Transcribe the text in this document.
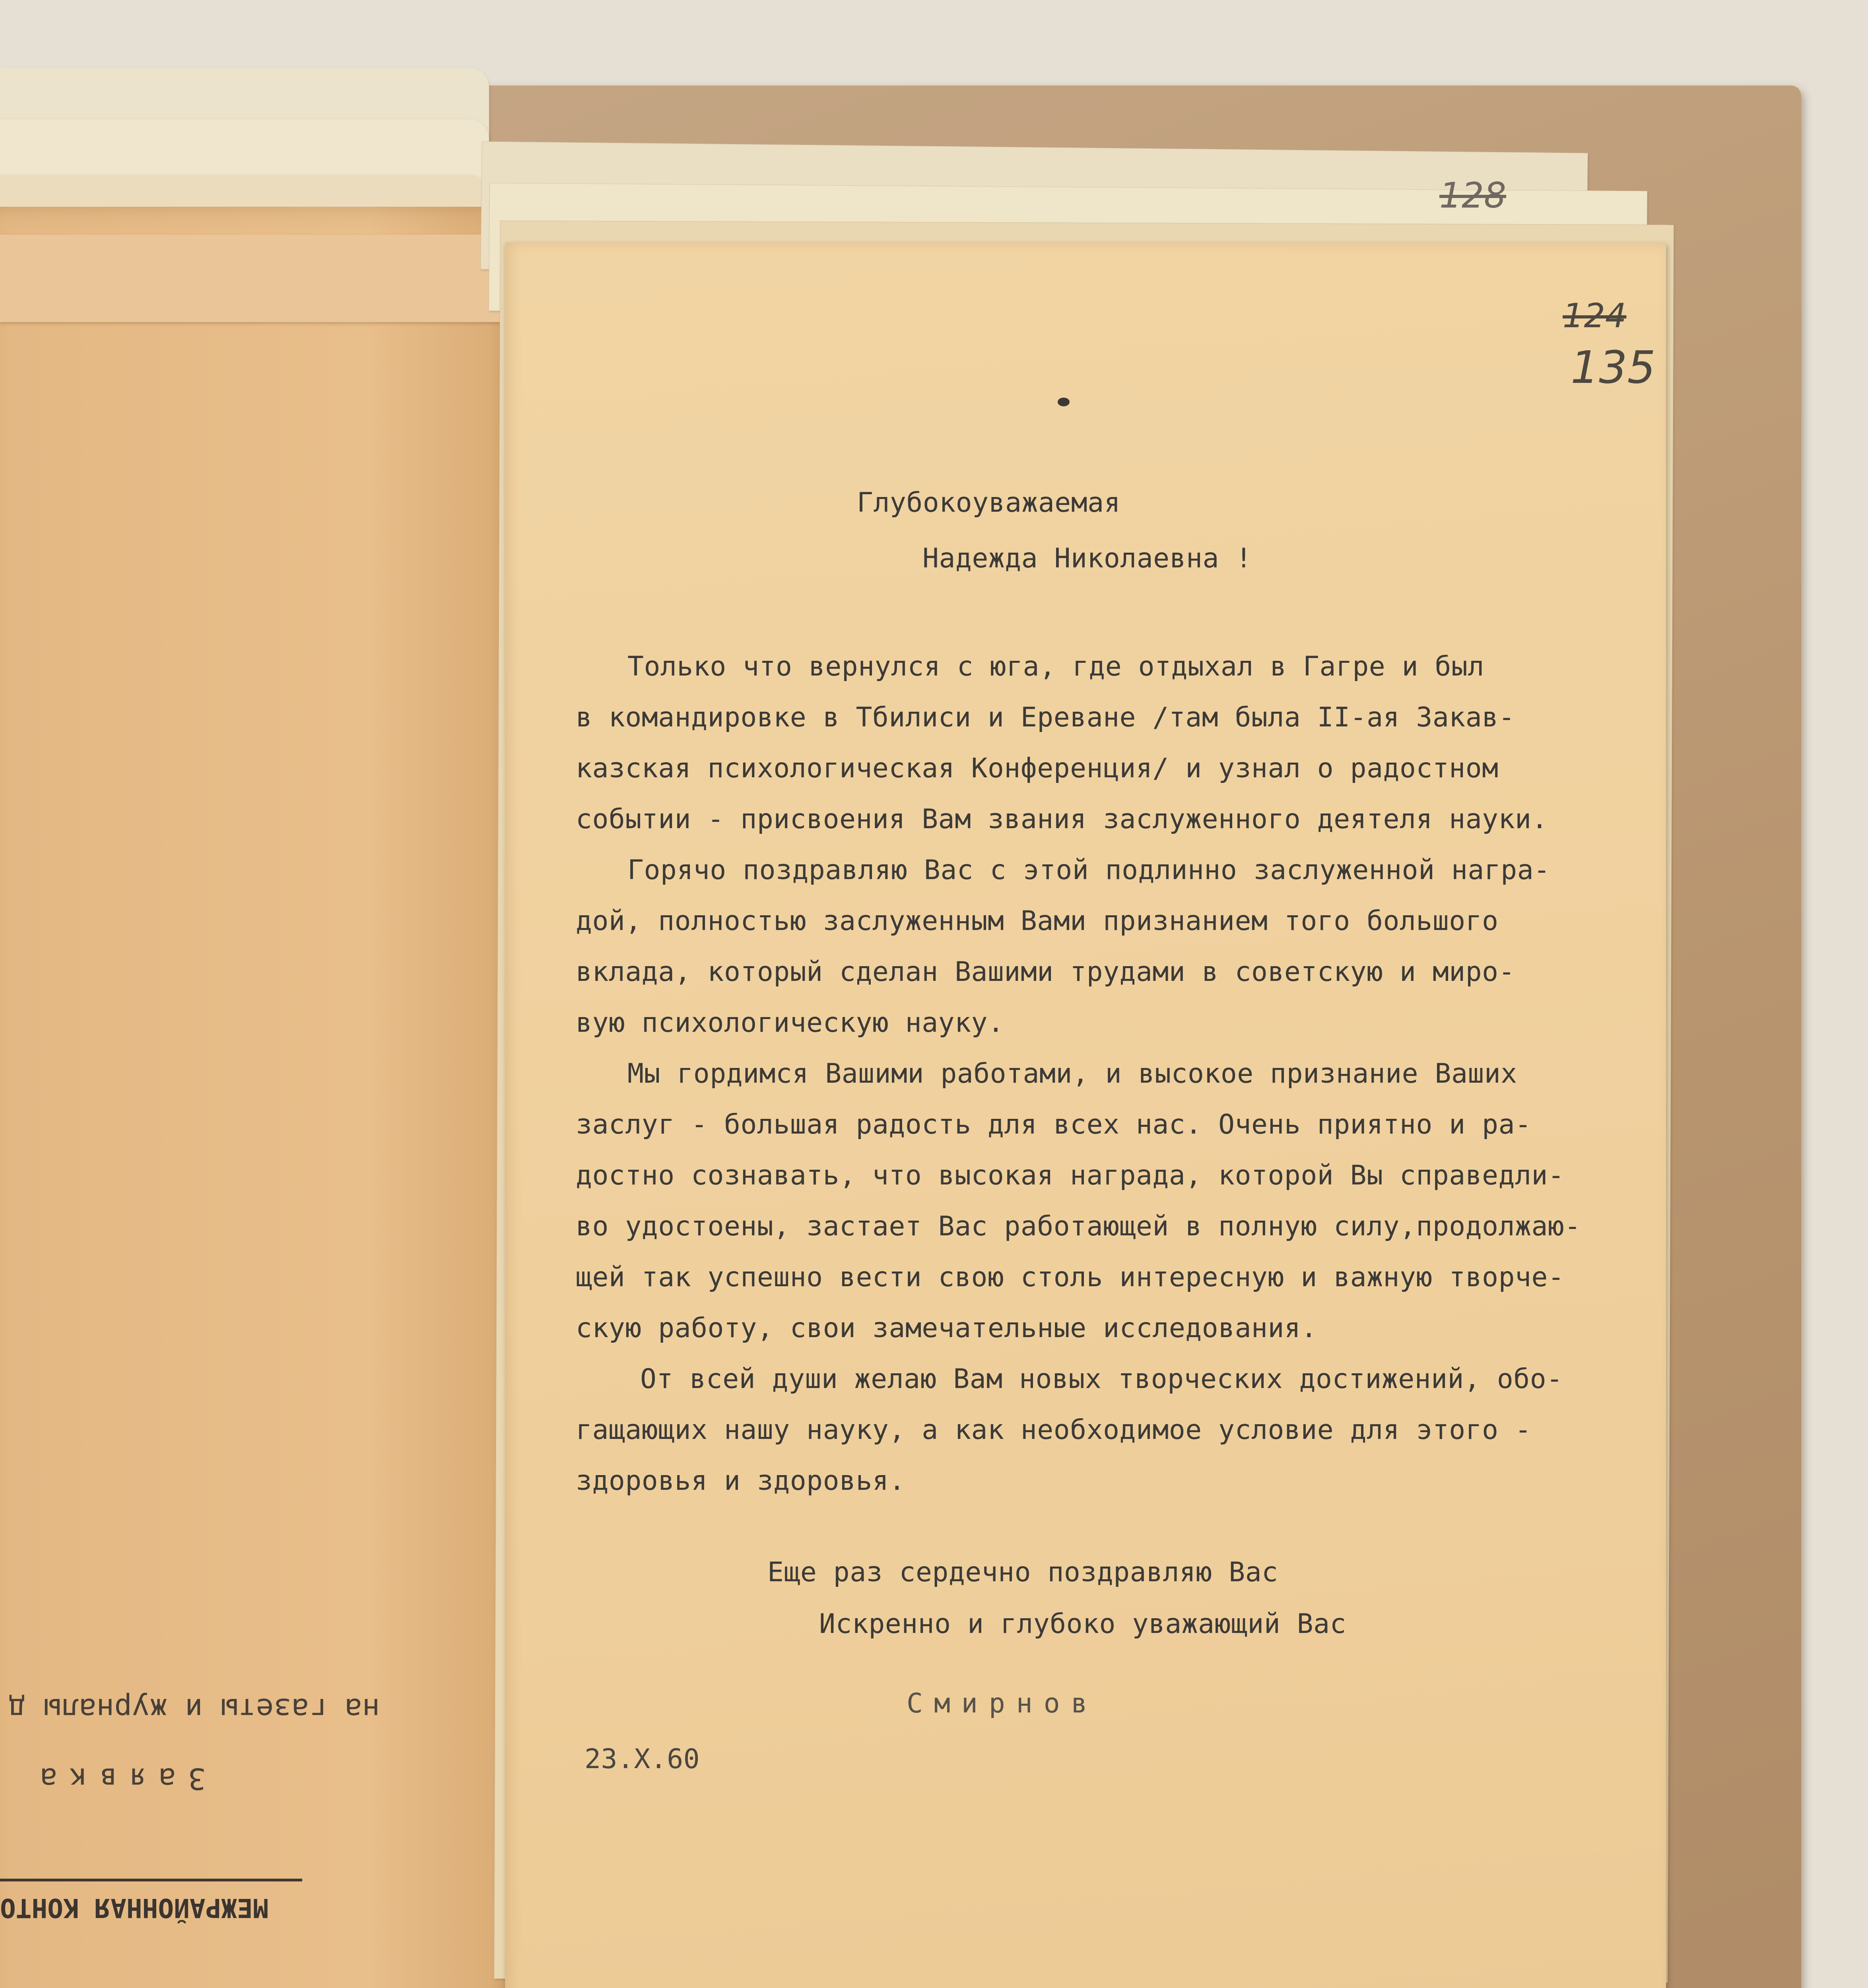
на газеты и журналы д
Заявка
МЕЖРАЙОННАЯ КОНТО
128
124
135

Глубокоуважаемая

Надежда Николаевна !

Только что вернулся с юга, где отдыхал в Гагре и был

в командировке в Тбилиси и Ереване /там была II-ая Закав-

казская психологическая Конференция/ и узнал о радостном

событии - присвоения Вам звания заслуженного деятеля науки.

Горячо поздравляю Вас с этой подлинно заслуженной награ-

дой, полностью заслуженным Вами признанием того большого

вклада, который сделан Вашими трудами в советскую и миро-

вую психологическую науку.

Мы гордимся Вашими работами, и высокое признание Ваших

заслуг - большая радость для всех нас. Очень приятно и ра-

достно сознавать, что высокая награда, которой Вы справедли-

во удостоены, застает Вас работающей в полную силу,продолжаю-

щей так успешно вести свою столь интересную и важную творче-

скую работу, свои замечательные исследования.

От всей души желаю Вам новых творческих достижений, обо-

гащающих нашу науку, а как необходимое условие для этого -

здоровья и здоровья.

Еще раз сердечно поздравляю Вас

Искренно и глубоко уважающий Вас

Смирнов

23.X.60
